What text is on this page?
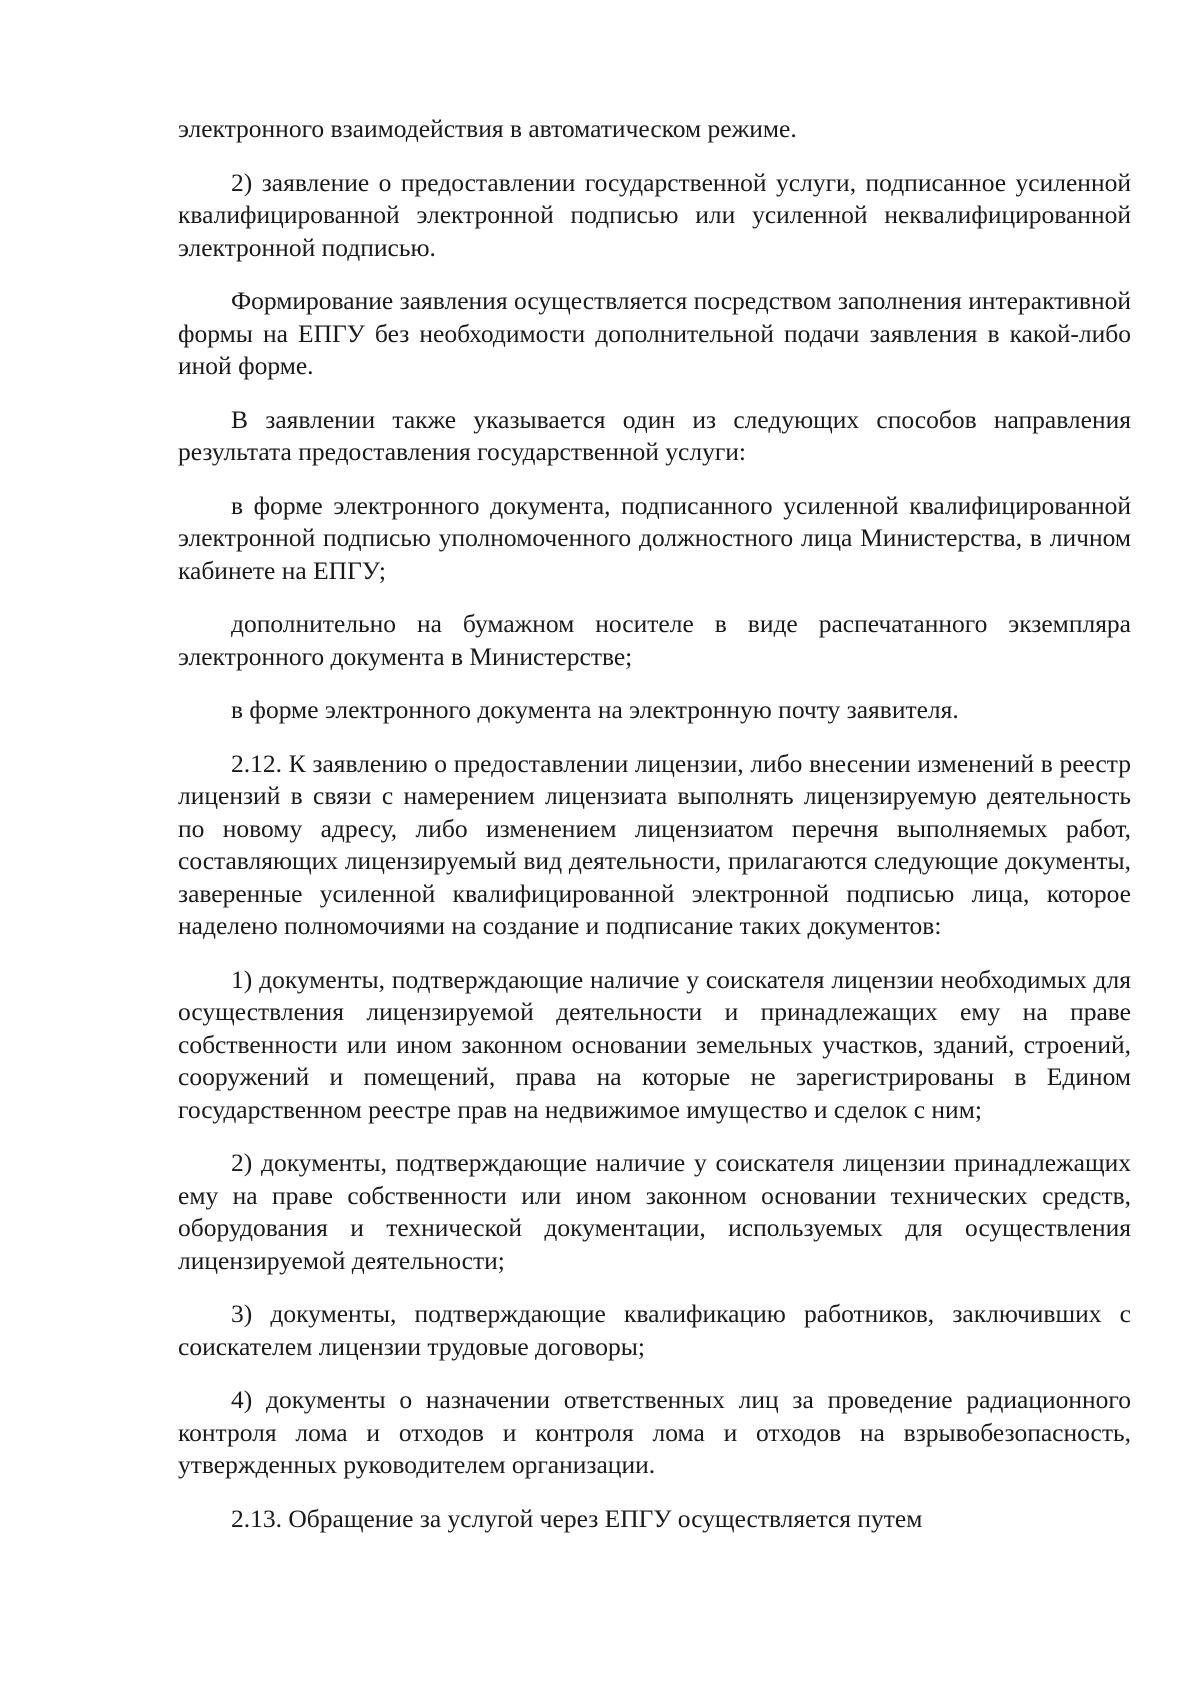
электронного взаимодействия в автоматическом режиме.

2) заявление о предоставлении государственной услуги, подписанное усиленной квалифицированной электронной подписью или усиленной неквалифицированной электронной подписью.

Формирование заявления осуществляется посредством заполнения интерактивной формы на ЕПГУ без необходимости дополнительной подачи заявления в какой-либо иной форме.

В заявлении также указывается один из следующих способов направления результата предоставления государственной услуги:

в форме электронного документа, подписанного усиленной квалифицированной электронной подписью уполномоченного должностного лица Министерства, в личном кабинете на ЕПГУ;

дополнительно на бумажном носителе в виде распечатанного экземпляра электронного документа в Министерстве;

в форме электронного документа на электронную почту заявителя.

2.12. К заявлению о предоставлении лицензии, либо внесении изменений в реестр лицензий в связи с намерением лицензиата выполнять лицензируемую деятельность по новому адресу, либо изменением лицензиатом перечня выполняемых работ, составляющих лицензируемый вид деятельности, прилагаются следующие документы, заверенные усиленной квалифицированной электронной подписью лица, которое наделено полномочиями на создание и подписание таких документов:

1) документы, подтверждающие наличие у соискателя лицензии необходимых для осуществления лицензируемой деятельности и принадлежащих ему на праве собственности или ином законном основании земельных участков, зданий, строений, сооружений и помещений, права на которые не зарегистрированы в Едином государственном реестре прав на недвижимое имущество и сделок с ним;

2) документы, подтверждающие наличие у соискателя лицензии принадлежащих ему на праве собственности или ином законном основании технических средств, оборудования и технической документации, используемых для осуществления лицензируемой деятельности;

3) документы, подтверждающие квалификацию работников, заключивших с соискателем лицензии трудовые договоры;

4) документы о назначении ответственных лиц за проведение радиационного контроля лома и отходов и контроля лома и отходов на взрывобезопасность, утвержденных руководителем организации.

2.13. Обращение за услугой через ЕПГУ осуществляется путем
